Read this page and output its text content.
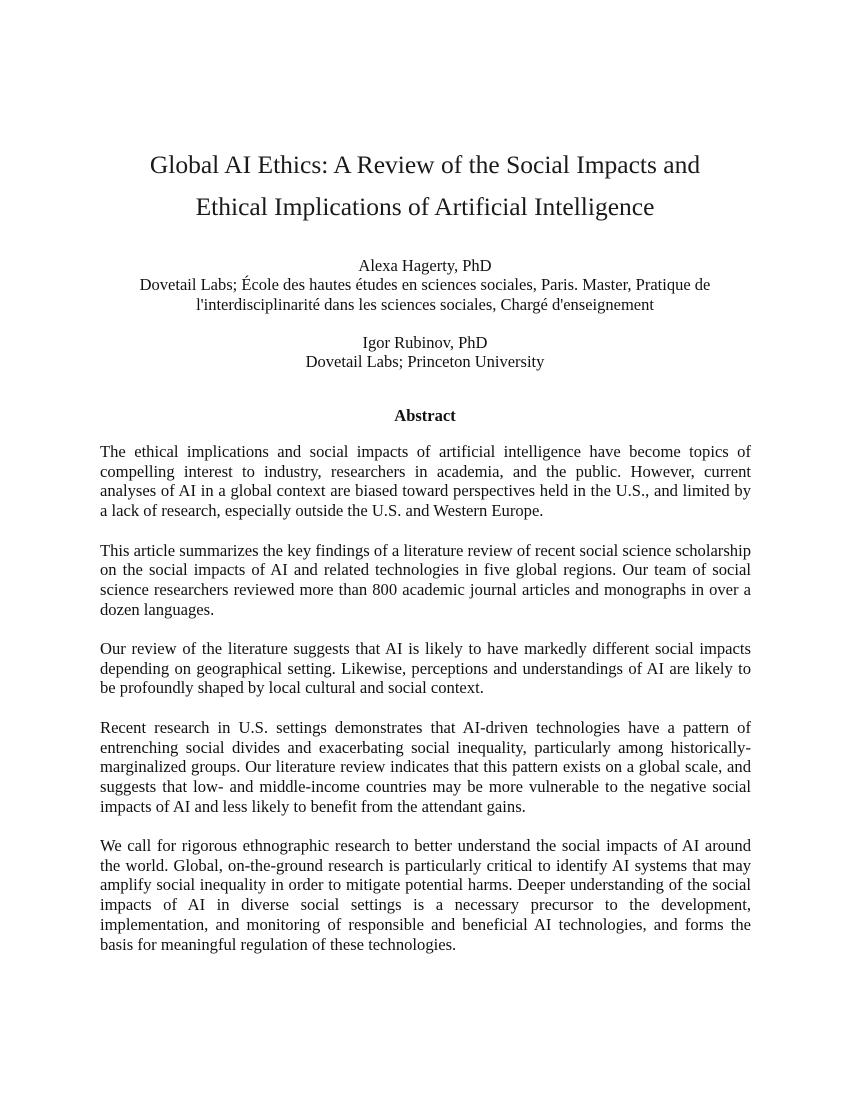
Global AI Ethics: A Review of the Social Impacts and
Ethical Implications of Artificial Intelligence

Alexa Hagerty, PhD
Dovetail Labs; École des hautes études en sciences sociales, Paris. Master, Pratique de
l'interdisciplinarité dans les sciences sociales, Chargé d'enseignement

Igor Rubinov, PhD
Dovetail Labs; Princeton University

Abstract

The ethical implications and social impacts of artificial intelligence have become topics of compelling interest to industry, researchers in academia, and the public. However, current analyses of AI in a global context are biased toward perspectives held in the U.S., and limited by a lack of research, especially outside the U.S. and Western Europe.

This article summarizes the key findings of a literature review of recent social science scholarship on the social impacts of AI and related technologies in five global regions. Our team of social science researchers reviewed more than 800 academic journal articles and monographs in over a dozen languages.

Our review of the literature suggests that AI is likely to have markedly different social impacts depending on geographical setting. Likewise, perceptions and understandings of AI are likely to be profoundly shaped by local cultural and social context.

Recent research in U.S. settings demonstrates that AI-driven technologies have a pattern of entrenching social divides and exacerbating social inequality, particularly among historically-marginalized groups. Our literature review indicates that this pattern exists on a global scale, and suggests that low- and middle-income countries may be more vulnerable to the negative social impacts of AI and less likely to benefit from the attendant gains.

We call for rigorous ethnographic research to better understand the social impacts of AI around the world. Global, on-the-ground research is particularly critical to identify AI systems that may amplify social inequality in order to mitigate potential harms. Deeper understanding of the social impacts of AI in diverse social settings is a necessary precursor to the development, implementation, and monitoring of responsible and beneficial AI technologies, and forms the basis for meaningful regulation of these technologies.
